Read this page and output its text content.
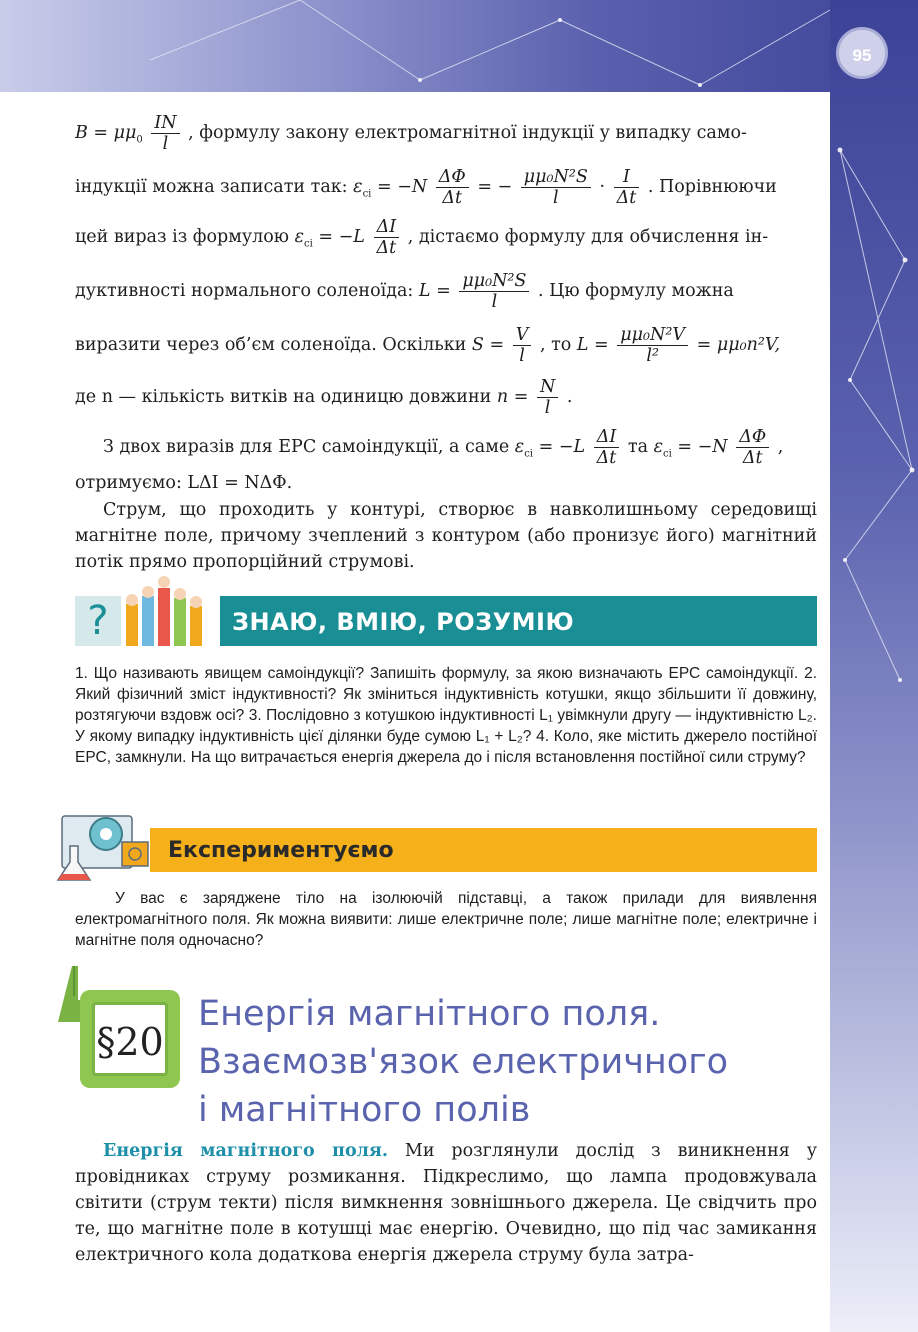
95
$B = \mu\mu_0 \frac{IN}{l}$ , формулу закону електромагнітної індукції у випадку само-
індукції можна записати так: $\varepsilon_{сі} = -N \frac{\Delta\Phi}{\Delta t}$ = − $\frac{\text{μμ₀N²S}}{l} \cdot \frac{I}{\Delta t}$ . Порівнюючи
цей вираз із формулою $\varepsilon_{сі} = -L \frac{\Delta I}{\Delta t}$ , дістаємо формулу для обчислення ін-
дуктивності нормального соленоїда: $L = \frac{\text{μμ₀N²S}}{l}$ . Цю формулу можна
виразити через об’єм соленоїда. Оскільки $S = \frac{V}{l}$ , то $L = \frac{\text{μμ₀N²V}}{\text{l²}} = \mu\mu_0n^2V$,
де n — кількість витків на одиницю довжини $n = \frac{N}{l}$ .
З двох виразів для ЕРС самоіндукції, а саме $\varepsilon_{сі} = -L \frac{\Delta I}{\Delta t}$ та $\varepsilon_{сі} = -N \frac{\Delta\Phi}{\Delta t}$ ,
отримуємо: LΔI = NΔΦ.
Струм, що проходить у контурі, створює в навколишньому середовищі магнітне поле, причому зчеплений з контуром (або пронизує його) магнітний потік прямо пропорційний струмові.
?	ЗНАЮ, ВМІЮ, РОЗУМІЮ
1. Що називають явищем самоіндукції? Запишіть формулу, за якою визначають ЕРС самоіндукції. 2. Який фізичний зміст індуктивності? Як зміниться індуктивність котушки, якщо збільшити її довжину, розтягуючи вздовж осі? 3. Послідовно з котушкою індуктивності L₁ увімкнули другу — індуктивністю L₂. У якому випадку індуктивність цієї ділянки буде сумою L₁ + L₂? 4. Коло, яке містить джерело постійної ЕРС, замкнули. На що витрачається енергія джерела до і після встановлення постійної сили струму?
Експериментуємо
У вас є заряджене тіло на ізолюючій підставці, а також прилади для виявлення електромагнітного поля. Як можна виявити: лише електричне поле; лише магнітне поле; електричне і магнітне поля одночасно?
§20
Енергія магнітного поля.
Взаємозв'язок електричного
і магнітного полів
Енергія магнітного поля. Ми розглянули дослід з виникнення у провідниках струму розмикання. Підкреслимо, що лампа продовжувала світити (струм текти) після вимкнення зовнішнього джерела. Це свідчить про те, що магнітне поле в котушці має енергію. Очевидно, що під час замикання електричного кола додаткова енергія джерела струму була затра-
